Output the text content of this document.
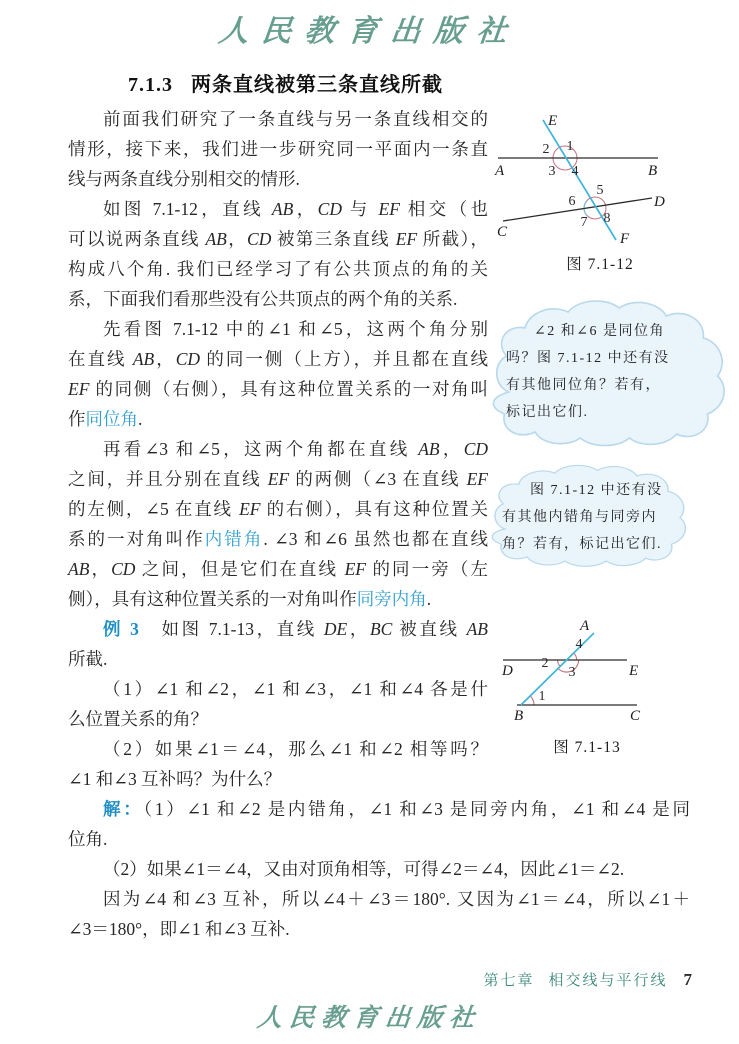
人民教育出版社
7.1.3 两条直线被第三条直线所截
前面我们研究了一条直线与另一条直线相交的
情形，接下来，我们进一步研究同一平面内一条直
线与两条直线分别相交的情形.
如图 7.1-12，直线 AB，CD 与 EF 相交（也
可以说两条直线 AB，CD 被第三条直线 EF 所截），
构成八个角. 我们已经学习了有公共顶点的角的关
系，下面我们看那些没有公共顶点的两个角的关系.
先看图 7.1-12 中的∠1 和∠5，这两个角分别
在直线 AB，CD 的同一侧（上方），并且都在直线
EF 的同侧（右侧），具有这种位置关系的一对角叫
作同位角.
再看∠3 和∠5，这两个角都在直线 AB，CD
之间，并且分别在直线 EF 的两侧（∠3 在直线 EF
的左侧，∠5 在直线 EF 的右侧），具有这种位置关
系的一对角叫作内错角. ∠3 和∠6 虽然也都在直线
AB，CD 之间，但是它们在直线 EF 的同一旁（左
侧），具有这种位置关系的一对角叫作同旁内角.
例 3　如图 7.1-13，直线 DE，BC 被直线 AB
所截.
（1）∠1 和∠2，∠1 和∠3，∠1 和∠4 各是什
么位置关系的角？
（2）如果∠1＝∠4，那么∠1 和∠2 相等吗？
∠1 和∠3 互补吗？为什么？
解：（1）∠1 和∠2 是内错角，∠1 和∠3 是同旁内角，∠1 和∠4 是同
位角.
（2）如果∠1＝∠4，又由对顶角相等，可得∠2＝∠4，因此∠1＝∠2.
因为∠4 和∠3 互补，所以∠4＋∠3＝180°. 又因为∠1＝∠4，所以∠1＋
∠3＝180°，即∠1 和∠3 互补.
A	B
C
D
E
F
1
2
3 4
5
6
7 8
图 7.1-12
∠2 和∠6 是同位角
吗？图 7.1-12 中还有没
有其他同位角？若有，
标记出它们.
图 7.1-12 中还有没
有其他内错角与同旁内
角？若有，标记出它们.
A
D	E
B	C
4
2
3
1
图 7.1-13
第七章 相交线与平行线 7
人民教育出版社
